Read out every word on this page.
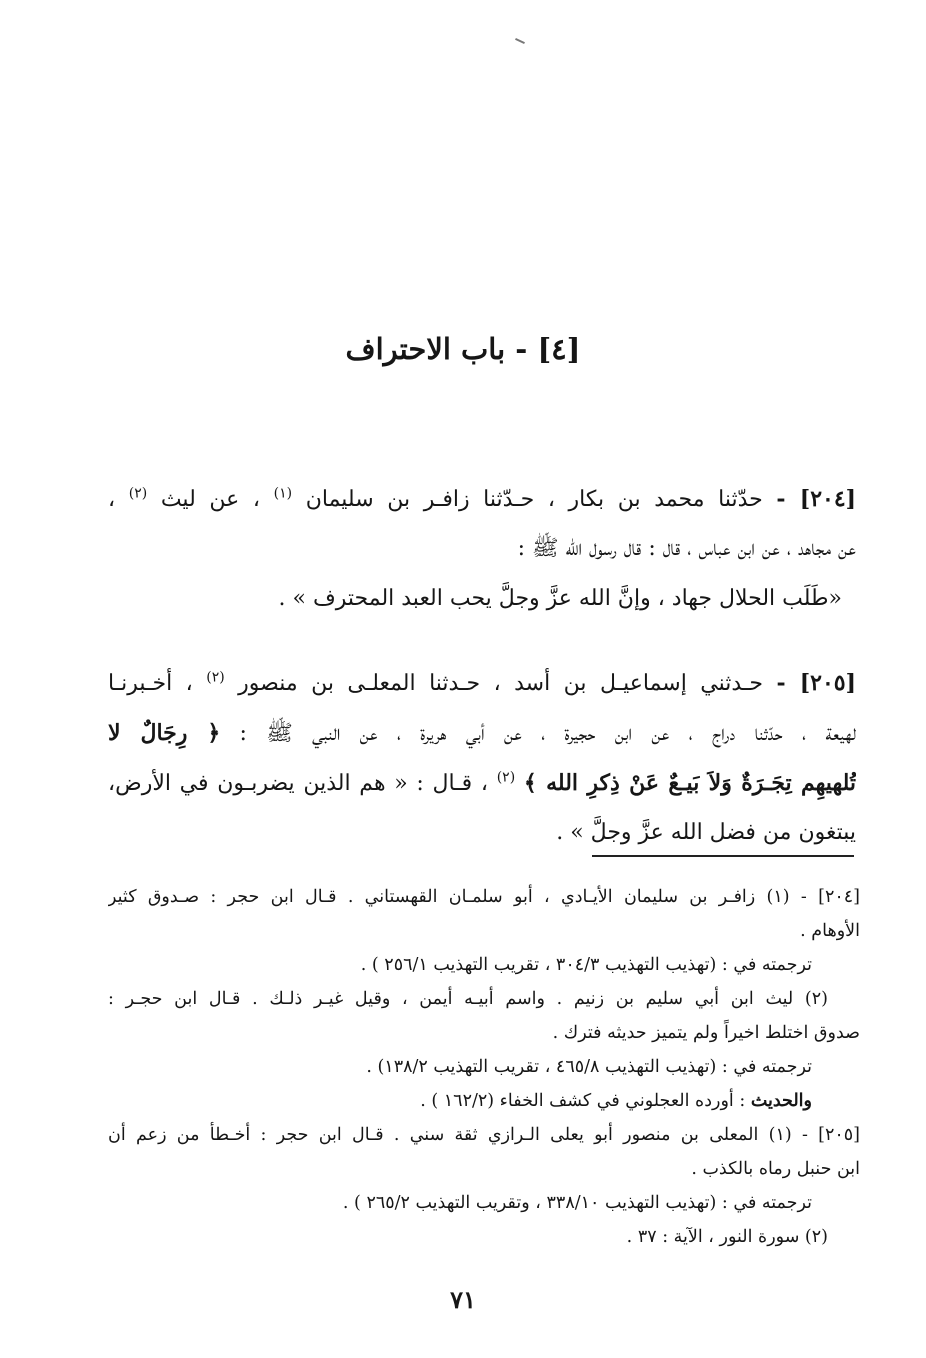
[٤] - باب الاحتراف
[٢٠٤] - حدّثنا محمد بن بكار ، حـدّثنا زافـر بن سليمان $^{(١)}$ ، عن ليث $^{(٢)}$ ،
عن مجاهد ، عن ابن عباس ، قال : قال رسول الله ﷺ :
«طَلَب الحلال جهاد ، وإنَّ الله عزَّ وجلَّ يحب العبد المحترف » .
[٢٠٥] - حـدثني إسماعيـل بن أسد ، حـدثنا المعلـى بن منصور $^{(٢)}$ ، أخـبرنـا
لهيعة ، حدّثنا دراج ، عن ابن حجيرة ، عن أبي هريرة ، عن النبي ﷺ : ﴿ رِجَالٌ لا
تُلهيهِم تِجَـرَةٌ وَلاَ بَيـعٌ عَنْ ذِكرِ الله ﴾ $^{(٢)}$ ، قـال : « هم الذين يضربـون في الأرض،
يبتغون من فضل الله عزَّ وجلَّ » .
[٢٠٤] - (١) زافـر بن سليمان الأيـادي ، أبو سلمـان القهستاني . قـال ابن حجر : صـدوق كثير
الأوهام .
ترجمته في : (تهذيب التهذيب ٣٠٤/٣ ، تقريب التهذيب ٢٥٦/١ ) .
(٢) ليث ابن أبي سليم بن زنيم . واسم أبيـه أيمن ، وقيل غيـر ذلـك . قـال ابن حجـر :
صدوق اختلط اخيراً ولم يتميز حديثه فترك .
ترجمته في : (تهذيب التهذيب ٤٦٥/٨ ، تقريب التهذيب ١٣٨/٢) .
والحديث : أورده العجلوني في كشف الخفاء (١٦٢/٢ ) .
[٢٠٥] - (١) المعلى بن منصور أبو يعلى الـرازي ثقة سني . قـال ابن حجر : أخـطأ من زعم أن
ابن حنبل رماه بالكذب .
ترجمته في : (تهذيب التهذيب ٣٣٨/١٠ ، وتقريب التهذيب ٢٦٥/٢ ) .
(٢) سورة النور ، الآية : ٣٧ .
٧١
